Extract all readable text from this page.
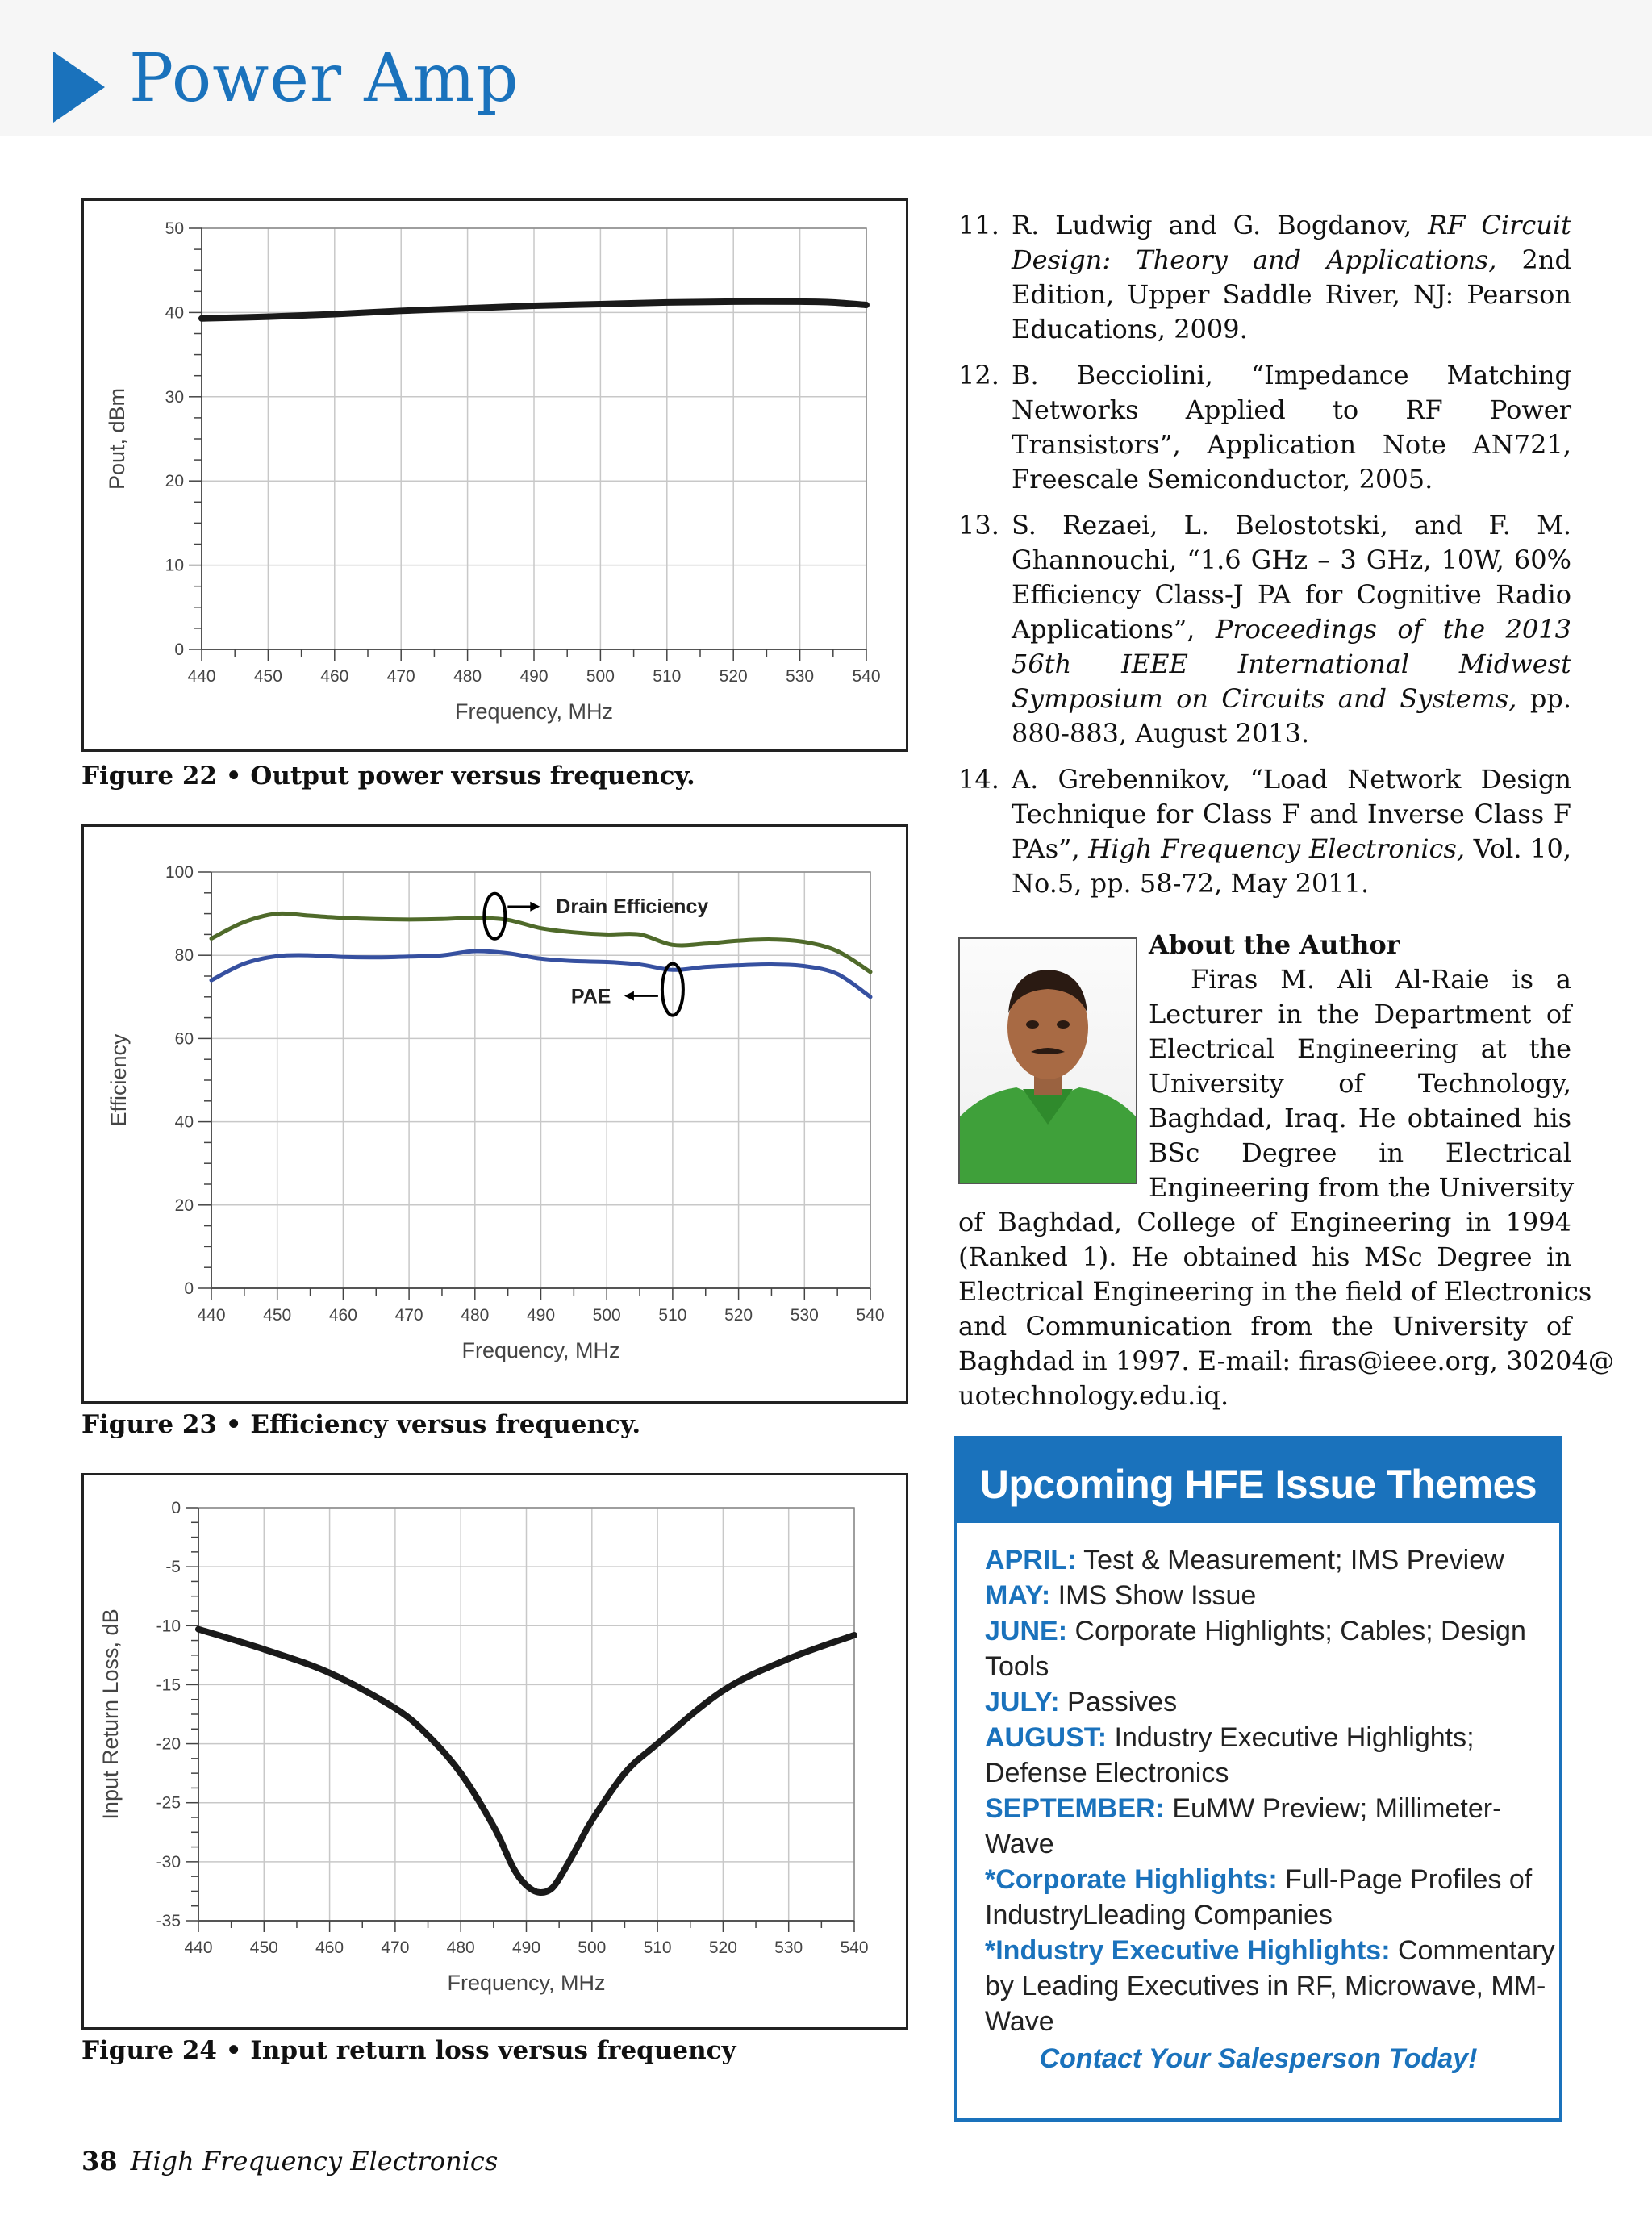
Power Amp
440 450 460 470 480 490 500 510 520 530 540
0
10
20
30
40
50
Frequency, MHz
Pout, dBm
Figure 22 • Output power versus frequency.
440 450 460 470 480 490 500 510 520 530 540
0
20
40
60
80
100
Frequency, MHz
Efficiency
Drain Efficiency
PAE
Figure 23 • Efficiency versus frequency.
440 450 460 470 480 490 500 510 520 530 540
0
-5
-10
-15
-20
-25
-30
-35
Frequency, MHz
Input Return Loss, dB
Figure 24 • Input return loss versus frequency
11. R. Ludwig and G. Bogdanov, RF Circuit Design: Theory and Applications, 2nd Edition, Upper Saddle River, NJ: Pearson Educations, 2009.
12. B. Becciolini, “Impedance Matching Networks Applied to RF Power Transistors”, Application Note AN721, Freescale Semiconductor, 2005.
13. S. Rezaei, L. Belostotski, and F. M. Ghannouchi, “1.6 GHz – 3 GHz, 10W, 60% Efficiency Class-J PA for Cognitive Radio Applications”, Proceedings of the 2013 56th IEEE International Midwest Symposium on Circuits and Systems, pp. 880-883, August 2013.
14. A. Grebennikov, “Load Network Design Technique for Class F and Inverse Class F PAs”, High Frequency Electronics, Vol. 10, No.5, pp. 58-72, May 2011.
About the Author
Firas M. Ali Al-Raie is a
Lecturer in the Department of
Electrical Engineering at the
University of Technology,
Baghdad, Iraq. He obtained his
BSc Degree in Electrical
Engineering from the University
of Baghdad, College of Engineering in 1994
(Ranked 1). He obtained his MSc Degree in
Electrical Engineering in the field of Electronics
and Communication from the University of
Baghdad in 1997. E-mail: firas@ieee.org, 30204@
uotechnology.edu.iq.
Upcoming HFE Issue Themes
APRIL: Test & Measurement; IMS Preview
MAY: IMS Show Issue
JUNE: Corporate Highlights; Cables; Design Tools
JULY: Passives
AUGUST: Industry Executive Highlights; Defense Electronics
SEPTEMBER: EuMW Preview; Millimeter-Wave
*Corporate Highlights: Full-Page Profiles of IndustryLleading Companies
*Industry Executive Highlights: Commentary by Leading Executives in RF, Microwave, MM-Wave
Contact Your Salesperson Today!
38 High Frequency Electronics
